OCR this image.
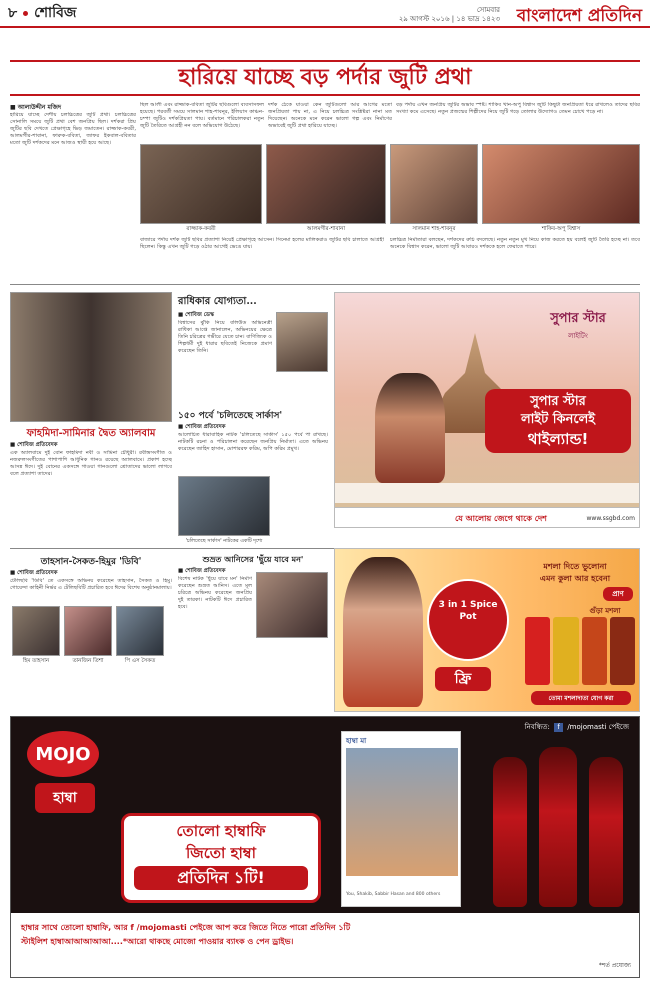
৮ শোবিজ	সোমবার
২৯ আগস্ট ২০১৬ | ১৪ ভাদ্র ১৪২৩ বাংলাদেশ প্রতিদিন
হারিয়ে যাচ্ছে বড় পর্দার জুটি প্রথা
■ আলাউদ্দীন মজিদ
হারিয়ে যাচ্ছে দেশীয় চলচ্চিত্রের জুটি প্রথা। চলচ্চিত্রের সোনালি সময়ে জুটি প্রথা বেশ জনপ্রিয় ছিল। দর্শকরা প্রিয় জুটির ছবি দেখতে প্রেক্ষাগৃহে ভিড় জমাতেন। রাজ্জাক-কবরী, আলমগীর-শাবানা, ফারুক-ববিতা, জাফর ইকবাল-ববিতার মতো জুটি দর্শকদের মনে আজও স্থায়ী হয়ে আছে।
ছিল আলী এবং রাজ্জাক-ববিতা জুটির ছবিগুলো ব্যবসাসফল হয়েছে। পরবর্তী সময়ে সালমান শাহ-শাবনূর, ইলিয়াস কাঞ্চন-চম্পা জুটিও দর্শকপ্রিয়তা পায়। বর্তমানে পরিচালকরা নতুন জুটি তৈরিতে আগ্রহী নন বলে অভিযোগ উঠেছে।
দর্শক ঠেকে যাওয়া কেন জুটিগুলো আর আগের মতো জনপ্রিয়তা পায় না, এ নিয়ে চলচ্চিত্র সংশ্লিষ্টরা নানা মত দিয়েছেন। অনেকে মনে করেন ভালো গল্প এবং নির্মাণের অভাবেই জুটি প্রথা হারিয়ে যাচ্ছে।
বড় পর্দায় এখন জনপ্রিয় জুটির অভাব স্পষ্ট। শাকিব খান-অপু বিশ্বাস জুটি কিছুটা জনপ্রিয়তা ধরে রাখলেও তাদের ছবির সংখ্যা কমে এসেছে। নতুন প্রজন্মের শিল্পীদের নিয়ে জুটি গড়ে তোলার উদ্যোগও তেমন চোখে পড়ে না।
রাজ্জাক-কবরী	আলমগীর-শাবানা	সালমান শাহ-শাবনূর	শাকিব-অপু বিশ্বাস
বাজারে পর্দায় দর্শক জুটি ছবির প্রত্যাশা নিয়েই প্রেক্ষাগৃহে আসেন। সিনেমা হলের মালিকরাও জুটির ছবি চালাতে আগ্রহী ছিলেন। কিন্তু এখন জুটি গড়ে ওঠার আগেই ভেঙে যায়।
চলচ্চিত্র নির্মাতারা বলছেন, দর্শকদের রুচি বদলেছে। নতুন নতুন মুখ নিয়ে কাজ করতে হয় বলেই জুটি তৈরি হচ্ছে না। তবে অনেকে বিশ্বাস করেন, ভালো জুটি আবারও দর্শককে হলে ফেরাতে পারে।
ফাহমিদা-সামিনার দ্বৈত অ্যালবাম
■ শোবিজ প্রতিবেদক
এক অ্যালবামে দুই বোন ফাহমিদা নবী ও সামিনা চৌধুরী। রবীন্দ্রসংগীত ও নজরুলসংগীতের পাশাপাশি আধুনিক গানও রয়েছে অ্যালবামে। প্রকাশ হচ্ছে আসন্ন ঈদে। দুই বোনের একসঙ্গে গাওয়া গানগুলো শ্রোতাদের ভালো লাগবে বলে প্রত্যাশা তাদের।
রাধিকার যোগ্যতা...
■ শোবিজ ডেস্ক
বিশ্বাসের ঝুঁকি নিয়ে বলিউড অভিনেত্রী রাধিকা আপ্তে জানালেন, অভিনয়ের ক্ষেত্রে তিনি চরিত্রের গভীরে যেতে চান। বাণিজ্যিক ও শিল্পধর্মী দুই ধারার ছবিতেই নিজেকে প্রমাণ করেছেন তিনি।
১৫০ পর্বে 'চলিতেছে সার্কাস'
■ শোবিজ প্রতিবেদক
আলোচিত ধারাবাহিক নাটক 'চলিতেছে সার্কাস' ১৫০ পর্বে পা রাখছে। নাটকটি রচনা ও পরিচালনা করেছেন জনপ্রিয় নির্মাতা। এতে অভিনয় করেছেন জাহিদ হাসান, মোশাররফ করিম, অপি করিম প্রমুখ।
'চলিতেছে সার্কাস' নাটকের একটি দৃশ্যে
সুপার স্টার
লাইটিং
সুপার স্টার
লাইট কিনলেই
থাইল্যান্ড!
যে আলোয় জেগে থাকে দেশ	www.ssgbd.com
তাহসান-সৈকত-হিমুর 'ডিবি'
■ শোবিজ প্রতিবেদক
টেলিছবি 'ডিবি' তে একসঙ্গে অভিনয় করেছেন তাহসান, সৈকত ও হিমু। গোয়েন্দা কাহিনী নির্ভর এ টেলিছবিটি প্রচারিত হবে ঈদের বিশেষ অনুষ্ঠানমালায়।
হিম তাহসান	তানজিন তিশা	পি এস সৈকত
শুভ্রত আনিসের 'ছুঁয়ে যাবে মন'
■ শোবিজ প্রতিবেদক
বিশেষ নাটক 'ছুঁয়ে যাবে মন' নির্মাণ করেছেন শুভ্রত আনিস। এতে মূল চরিত্রে অভিনয় করেছেন জনপ্রিয় দুই তারকা। নাটকটি ঈদে প্রচারিত হবে।	3 in 1 Spice Pot
ফ্রি
মশলা দিতে ভুলোনা
এমন কুলা আর হবেনা
প্রাণ
গুঁড়া মশলা
তোমা মশলাদাতা যোগ করা
নিবন্ধিত: f /mojomasti পেইজে
MOJO
হাম্বা
তোলো হাম্বাফি
জিতো হাম্বা
প্রতিদিন ১টি!
হাম্বা মা
You, Shakib, Sabbir Hasan and 800 others
হাম্বার সাথে তোলো হাম্বাফি, আর f /mojomasti পেইজে আপ করে জিতে নিতে পারো প্রতিদিন ১টি
স্টাইলিশ হাম্বাআআআআআ....*আরো থাকছে মোজো পাওয়ার ব্যাংক ও পেন ড্রাইভ।
*শর্ত প্রযোজ্য
